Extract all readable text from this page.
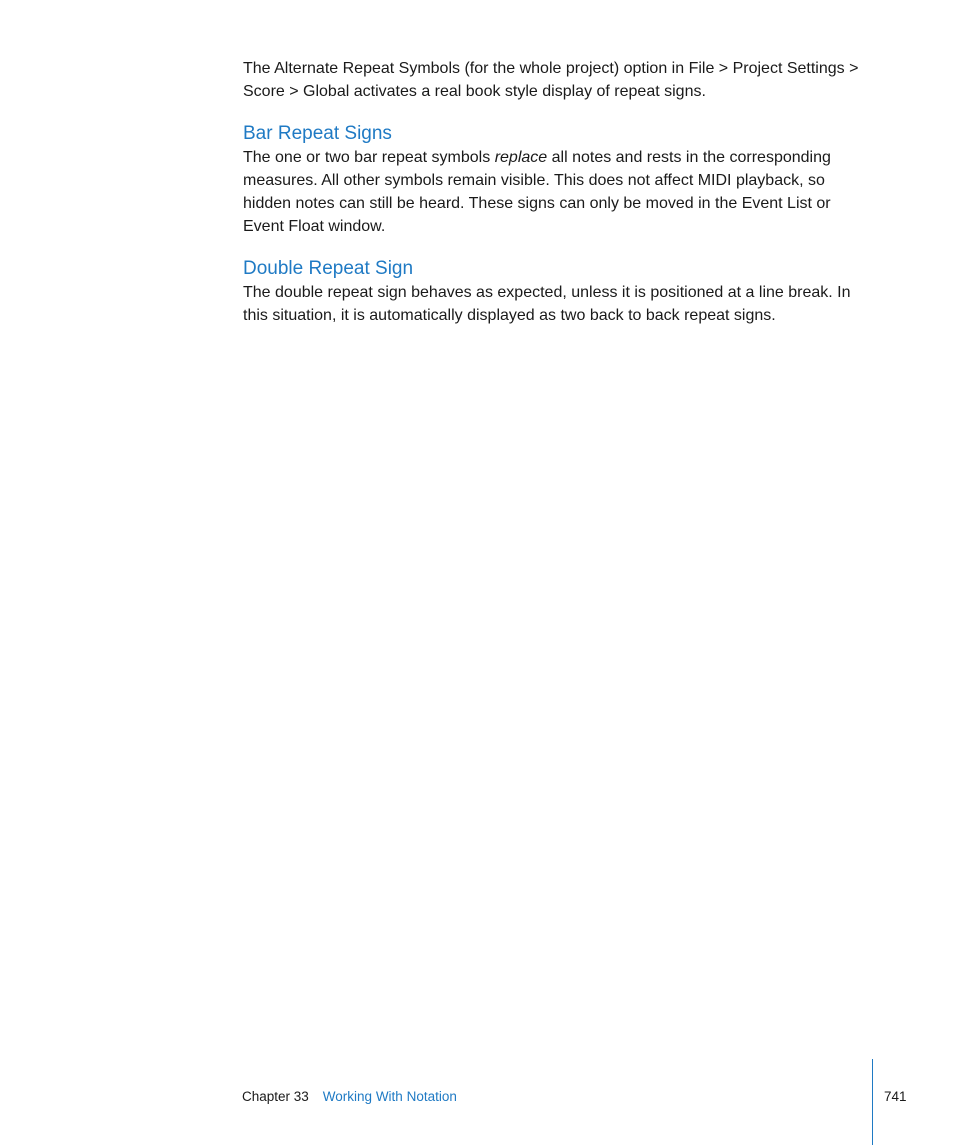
The Alternate Repeat Symbols (for the whole project) option in File > Project Settings > Score > Global activates a real book style display of repeat signs.

Bar Repeat Signs

The one or two bar repeat symbols replace all notes and rests in the corresponding measures. All other symbols remain visible. This does not affect MIDI playback, so hidden notes can still be heard. These signs can only be moved in the Event List or Event Float window.

Double Repeat Sign

The double repeat sign behaves as expected, unless it is positioned at a line break. In this situation, it is automatically displayed as two back to back repeat signs.

Chapter 33 Working With Notation	741
